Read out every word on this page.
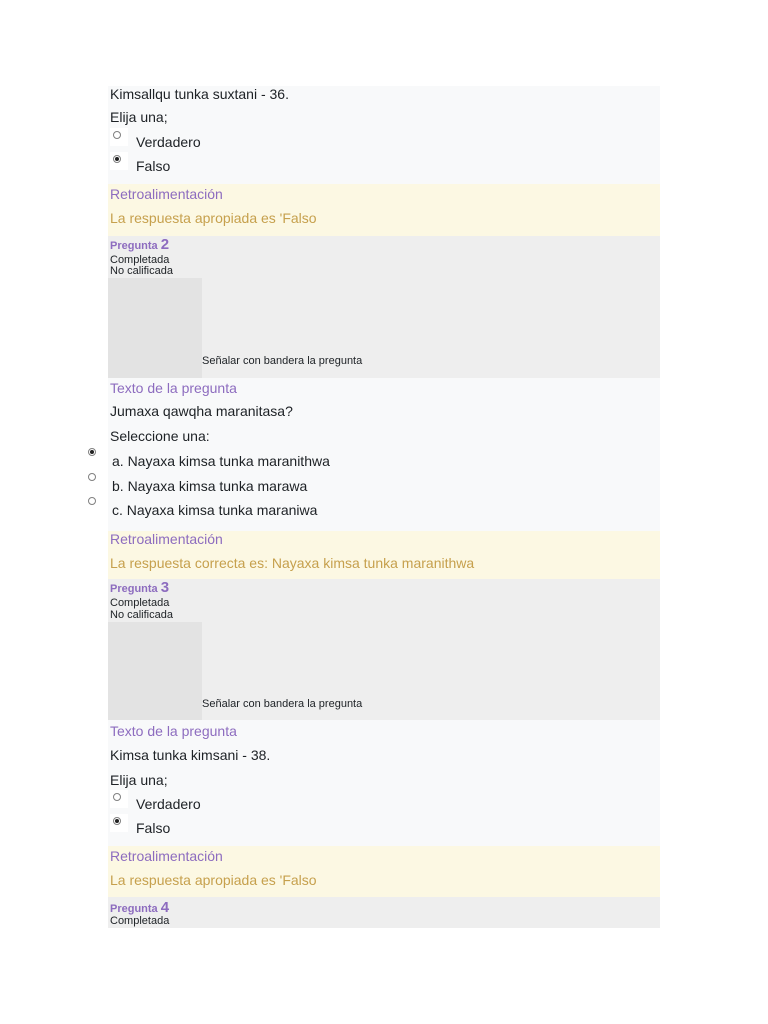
Kimsallqu tunka suxtani - 36.
Elija una;
Verdadero
Falso
Retroalimentación
La respuesta apropiada es 'Falso
Pregunta 2
Completada
No calificada
Señalar con bandera la pregunta
Texto de la pregunta
Jumaxa qawqha maranitasa?
Seleccione una:
a. Nayaxa kimsa tunka maranithwa
b. Nayaxa kimsa tunka marawa
c. Nayaxa kimsa tunka maraniwa
Retroalimentación
La respuesta correcta es: Nayaxa kimsa tunka maranithwa
Pregunta 3
Completada
No calificada
Señalar con bandera la pregunta
Texto de la pregunta
Kimsa tunka kimsani - 38.
Elija una;
Verdadero
Falso
Retroalimentación
La respuesta apropiada es 'Falso
Pregunta 4
Completada
